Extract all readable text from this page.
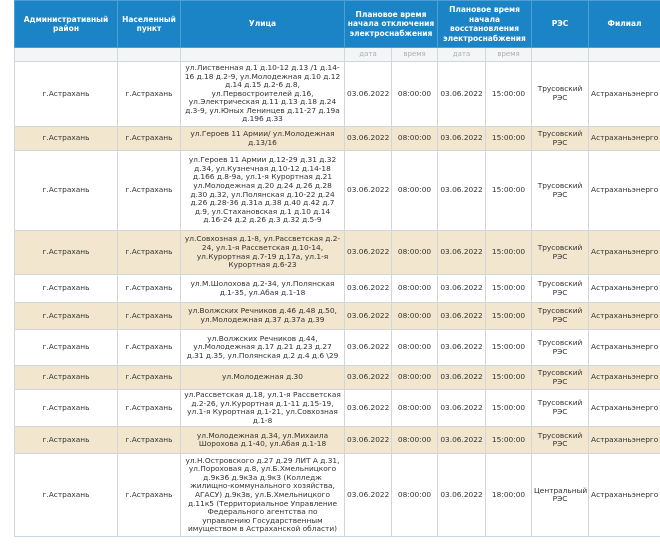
Административный район	Населенный пункт	Улица	Плановое время начала отключения электроснабжения		Плановое время начала восстановления электроснабжения		РЭС	Филиал
			дата	время	дата	время		
г.Астрахань	г.Астрахань	ул.Лиственная д.1 д.10-12 д.13 /1 д.14-16 д.18 д.2-9, ул.Молодежная д.10 д.12 д.14 д.15 д.2-6 д.8, ул.Первостроителей д.16, ул.Электрическая д.11 д.13 д.18 д.24 д.3-9, ул.Юных Ленинцев д.11-27 д.19а д.196 д.33	03.06.2022	08:00:00	03.06.2022	15:00:00	Трусовский РЭС	Астраханьэнерго
г.Астрахань	г.Астрахань	ул.Героев 11 Армии/ ул.Молодежная д.13/16	03.06.2022	08:00:00	03.06.2022	15:00:00	Трусовский РЭС	Астраханьэнерго
г.Астрахань	г.Астрахань	ул.Героев 11 Армии д.12-29 д.31 д.32 д.34, ул.Кузнечная д.10-12 д.14-18 д.166 д.8-9а, ул.1-я Курортная д.21 ул.Молодежная д.20 д.24 д.26 д.28 д.30 д.32, ул.Полянская д.10-22 д.24 д.26 д.28-36 д.31а д.38 д.40 д.42 д.7 д.9, ул.Стахановская д.1 д.10 д.14 д.16-24 д.2 д.26 д.3 д.32 д.5-9	03.06.2022	08:00:00	03.06.2022	15:00:00	Трусовский РЭС	Астраханьэнерго
г.Астрахань	г.Астрахань	ул.Совхозная д.1-8, ул.Рассветская д.2-24, ул.1-я Рассветская д.10-14, ул.Курортная д.7-19 д.17а, ул.1-я Курортная д.6-23	03.06.2022	08:00:00	03.06.2022	15:00:00	Трусовский РЭС	Астраханьэнерго
г.Астрахань	г.Астрахань	ул.М.Шолохова д.2-34, ул.Полянская д.1-35, ул.Абая д.1-18	03.06.2022	08:00:00	03.06.2022	15:00:00	Трусовский РЭС	Астраханьэнерго
г.Астрахань	г.Астрахань	ул.Волжских Речников д.46 д.48 д.50, ул.Молодежная д.37 д.37а д.39	03.06.2022	08:00:00	03.06.2022	15:00:00	Трусовский РЭС	Астраханьэнерго
г.Астрахань	г.Астрахань	ул.Волжских Речников д.44, ул.Молодежная д.17 д.21 д.23 д.27 д.31 д.35, ул.Полянская д.2 д.4 д.6 \29	03.06.2022	08:00:00	03.06.2022	15:00:00	Трусовский РЭС	Астраханьэнерго
г.Астрахань	г.Астрахань	ул.Молодежная д.30	03.06.2022	08:00:00	03.06.2022	15:00:00	Трусовский РЭС	Астраханьэнерго
г.Астрахань	г.Астрахань	ул.Рассветская д.18, ул.1-я Рассветская д.2-26, ул.Курортная д.1-11 д.15-19, ул.1-я Курортная д.1-21, ул.Совхозная д.1-8	03.06.2022	08:00:00	03.06.2022	15:00:00	Трусовский РЭС	Астраханьэнерго
г.Астрахань	г.Астрахань	ул.Молодежная д.34, ул.Михаила Шорохова д.1-40, ул.Абая д.1-18	03.06.2022	08:00:00	03.06.2022	15:00:00	Трусовский РЭС	Астраханьэнерго
г.Астрахань	г.Астрахань	ул.Н.Островского д.27 д.29 ЛИТ А д.31, ул.Пороховая д.8, ул.Б.Хмельницкого д.9к36 д.9к3а д.9к3 (Колледж жилищно-коммунального хозяйства, АГАСУ) д.9к3в, ул.Б.Хмельницкого д.11к5 (Территориальное Управление Федерального агентства по управлению Государственным имуществом в Астраханской области)	03.06.2022	08:00:00	03.06.2022	18:00:00	Центральный РЭС	Астраханьэнерго
